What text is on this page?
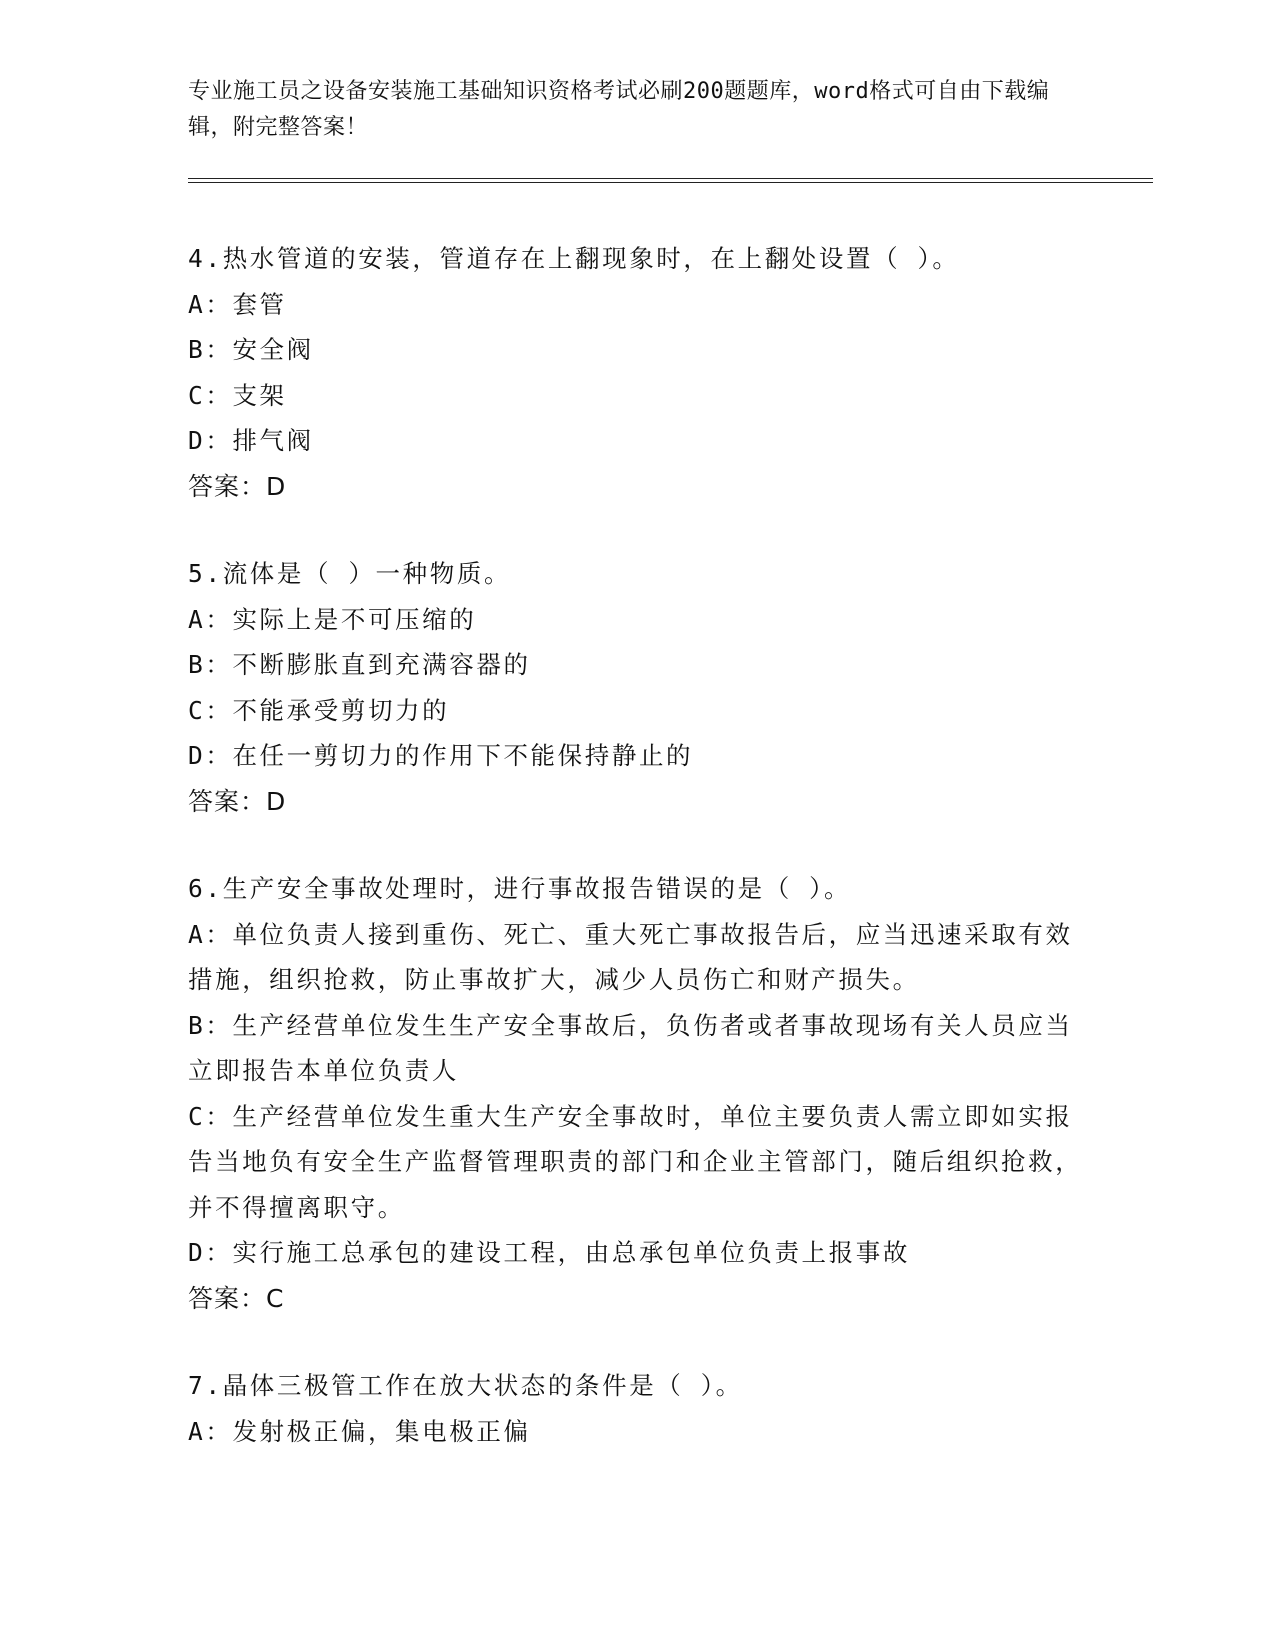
专业施工员之设备安装施工基础知识资格考试必刷200题题库，word格式可自由下载编辑，附完整答案！
4.热水管道的安装，管道存在上翻现象时，在上翻处设置（ ）。
A：套管
B：安全阀
C：支架
D：排气阀
答案：D
5.流体是（ ）一种物质。
A：实际上是不可压缩的
B：不断膨胀直到充满容器的
C：不能承受剪切力的
D：在任一剪切力的作用下不能保持静止的
答案：D
6.生产安全事故处理时，进行事故报告错误的是（ ）。
A：单位负责人接到重伤、死亡、重大死亡事故报告后，应当迅速采取有效措施，组织抢救，防止事故扩大，减少人员伤亡和财产损失。
B：生产经营单位发生生产安全事故后，负伤者或者事故现场有关人员应当立即报告本单位负责人
C：生产经营单位发生重大生产安全事故时，单位主要负责人需立即如实报告当地负有安全生产监督管理职责的部门和企业主管部门，随后组织抢救，并不得擅离职守。
D：实行施工总承包的建设工程，由总承包单位负责上报事故
答案：C
7.晶体三极管工作在放大状态的条件是（ ）。
A：发射极正偏，集电极正偏
